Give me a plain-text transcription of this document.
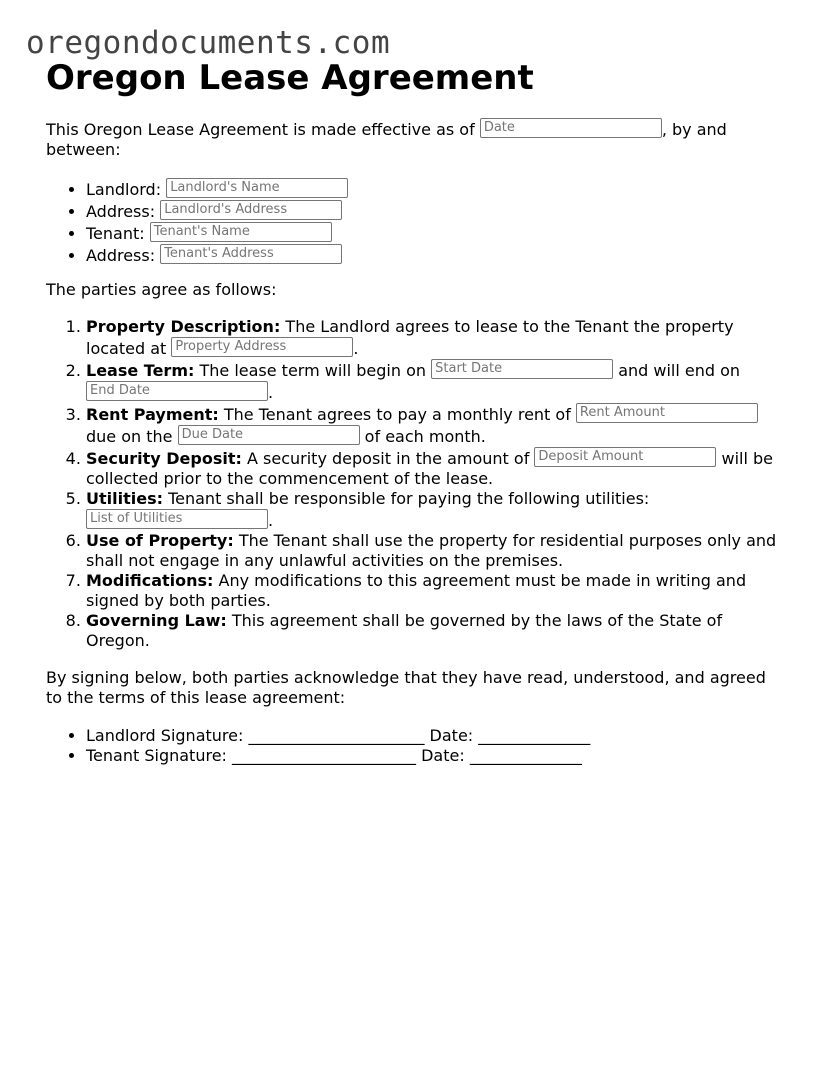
oregondocuments.com
Oregon Lease Agreement

This Oregon Lease Agreement is made effective as of Date	, by and between:

• Landlord: Landlord's Name
• Address: Landlord's Address
• Tenant: Tenant's Name
• Address: Tenant's Address

The parties agree as follows:

1. Property Description: The Landlord agrees to lease to the Tenant the property located at Property Address	.
2. Lease Term: The lease term will begin on Start Date	and will end on End Date	.
3. Rent Payment: The Tenant agrees to pay a monthly rent of Rent Amount due on the Due Date	of each month.
4. Security Deposit: A security deposit in the amount of Deposit Amount	will be collected prior to the commencement of the lease.
5. Utilities: Tenant shall be responsible for paying the following utilities: List of Utilities	.
6. Use of Property: The Tenant shall use the property for residential purposes only and shall not engage in any unlawful activities on the premises.
7. Modifications: Any modifications to this agreement must be made in writing and signed by both parties.
8. Governing Law: This agreement shall be governed by the laws of the State of Oregon.

By signing below, both parties acknowledge that they have read, understood, and agreed to the terms of this lease agreement:

• Landlord Signature: ______________________ Date: ______________
• Tenant Signature: _______________________ Date: ______________
